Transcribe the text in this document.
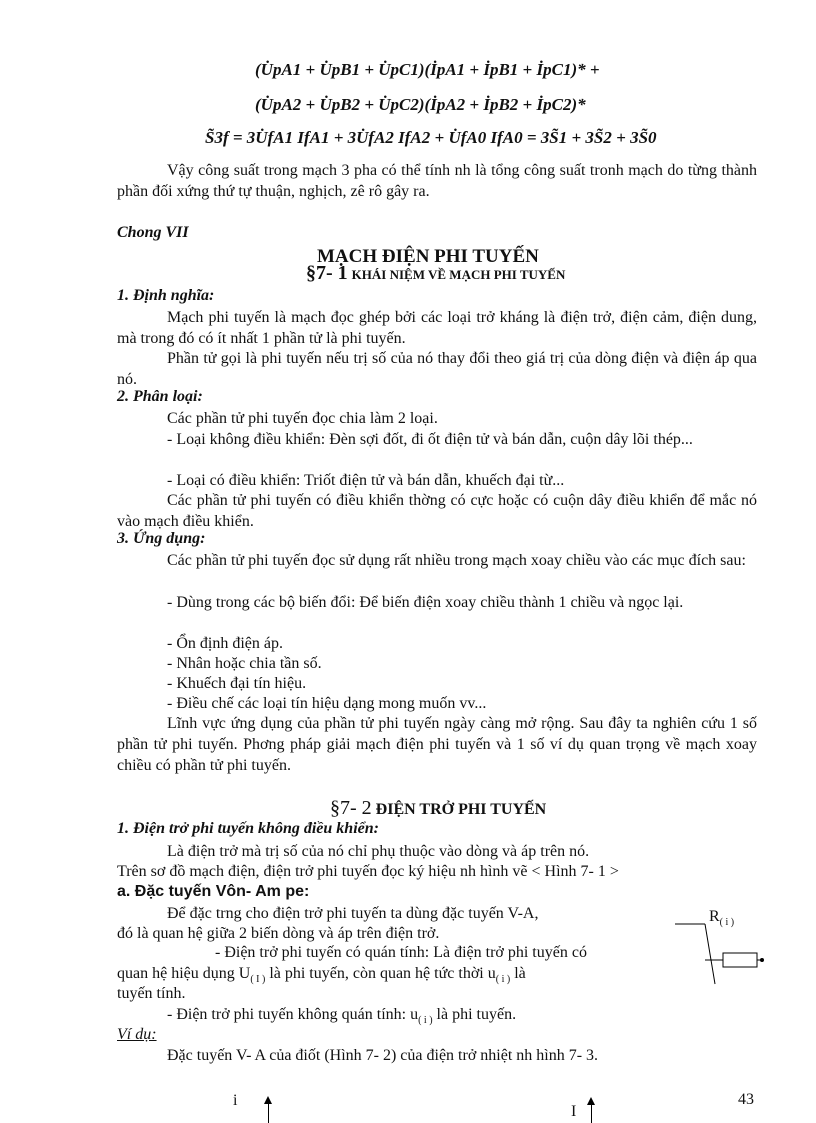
(U̇pA1 + U̇pB1 + U̇pC1)(İpA1 + İpB1 + İpC1)* +
(U̇pA2 + U̇pB2 + U̇pC2)(İpA2 + İpB2 + İpC2)*
S̃3f = 3U̇fA1 IfA1 + 3U̇fA2 IfA2 + U̇fA0 IfA0 = 3S̃1 + 3S̃2 + 3S̃0
Vậy công suất trong mạch 3 pha có thể tính nh là tổng công suất tronh mạch do từng thành phần đối xứng thứ tự thuận, nghịch, zê rô gây ra.
Chong VII
MẠCH ĐIỆN PHI TUYẾN
§7- 1 KHÁI NIỆM VỀ MẠCH PHI TUYẾN
1. Định nghĩa:
Mạch phi tuyến là mạch đọc ghép bởi các loại trở kháng là điện trở, điện cảm, điện dung, mà trong đó có ít nhất 1 phần tử là phi tuyến.
Phần tử gọi là phi tuyến nếu trị số của nó thay đổi theo giá trị của dòng điện và điện áp qua nó.
2. Phân loại:
Các phần tử phi tuyến đọc chia làm 2 loại.
- Loại không điều khiển: Đèn sợi đốt, đi ốt điện tử và bán dẫn, cuộn dây lõi thép...
- Loại có điều khiển: Triốt điện tử và bán dẫn, khuếch đại từ...
Các phần tử phi tuyến có điều khiển thờng có cực hoặc có cuộn dây điều khiển để mắc nó vào mạch điều khiển.
3. Ứng dụng:
Các phần tử phi tuyến đọc sử dụng rất nhiều trong mạch xoay chiều vào các mục đích sau:
- Dùng trong các bộ biến đổi: Để biến điện xoay chiều thành 1 chiều và ngọc lại.
- Ổn định điện áp.
- Nhân hoặc chia tần số.
- Khuếch đại tín hiệu.
- Điều chế các loại tín hiệu dạng mong muốn vv...
Lĩnh vực ứng dụng của phần tử phi tuyến ngày càng mở rộng. Sau đây ta nghiên cứu 1 số phần tử phi tuyến. Phơng pháp giải mạch điện phi tuyến và 1 số ví dụ quan trọng về mạch xoay chiều có phần tử phi tuyến.
§7- 2 ĐIỆN TRỞ PHI TUYẾN
1. Điện trở phi tuyến không điều khiển:
Là điện trở mà trị số của nó chỉ phụ thuộc vào dòng và áp trên nó.
Trên sơ đồ mạch điện, điện trở phi tuyến đọc ký hiệu nh hình vẽ < Hình 7- 1 >
a. Đặc tuyến Vôn- Am pe:
Để đặc trng cho điện trở phi tuyến ta dùng đặc tuyến V-A,
đó là quan hệ giữa 2 biến dòng và áp trên điện trở.
- Điện trở phi tuyến có quán tính: Là điện trở phi tuyến có
quan hệ hiệu dụng $U_{( I )}$ là phi tuyến, còn quan hệ tức thời $u_{( i )}$ là
tuyến tính.
- Điện trở phi tuyến không quán tính: $u_{( i )}$ là phi tuyến.
Ví dụ:
Đặc tuyến V- A của điốt (Hình 7- 2) của điện trở nhiệt nh hình 7- 3.
$R_{( i )}$
i
I
43
